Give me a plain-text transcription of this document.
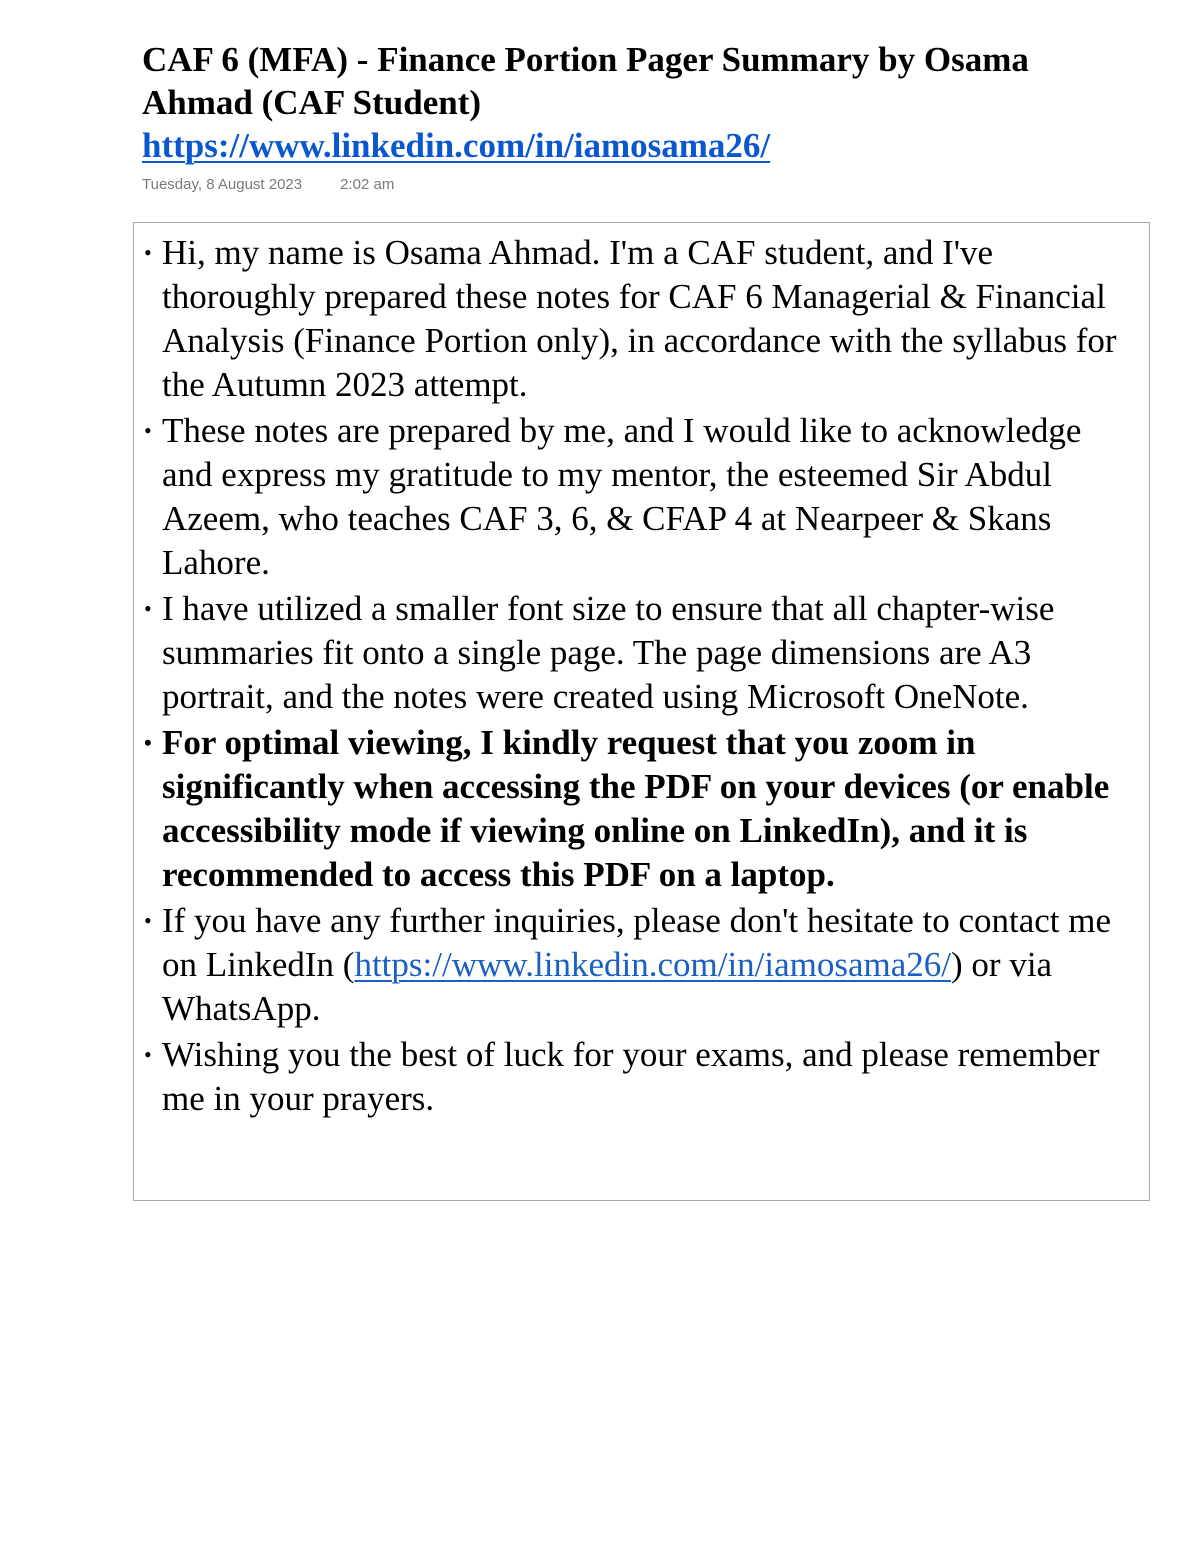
CAF 6 (MFA) - Finance Portion Pager Summary by Osama Ahmad (CAF Student)
https://www.linkedin.com/in/iamosama26/
Tuesday, 8 August 2023	2:02 am
• Hi, my name is Osama Ahmad. I'm a CAF student, and I've thoroughly prepared these notes for CAF 6 Managerial & Financial Analysis (Finance Portion only), in accordance with the syllabus for the Autumn 2023 attempt.
• These notes are prepared by me, and I would like to acknowledge and express my gratitude to my mentor, the esteemed Sir Abdul Azeem, who teaches CAF 3, 6, & CFAP 4 at Nearpeer & Skans Lahore.
• I have utilized a smaller font size to ensure that all chapter-wise summaries fit onto a single page. The page dimensions are A3 portrait, and the notes were created using Microsoft OneNote.
• For optimal viewing, I kindly request that you zoom in significantly when accessing the PDF on your devices (or enable accessibility mode if viewing online on LinkedIn), and it is recommended to access this PDF on a laptop.
• If you have any further inquiries, please don't hesitate to contact me on LinkedIn (https://www.linkedin.com/in/iamosama26/) or via WhatsApp.
• Wishing you the best of luck for your exams, and please remember me in your prayers.
